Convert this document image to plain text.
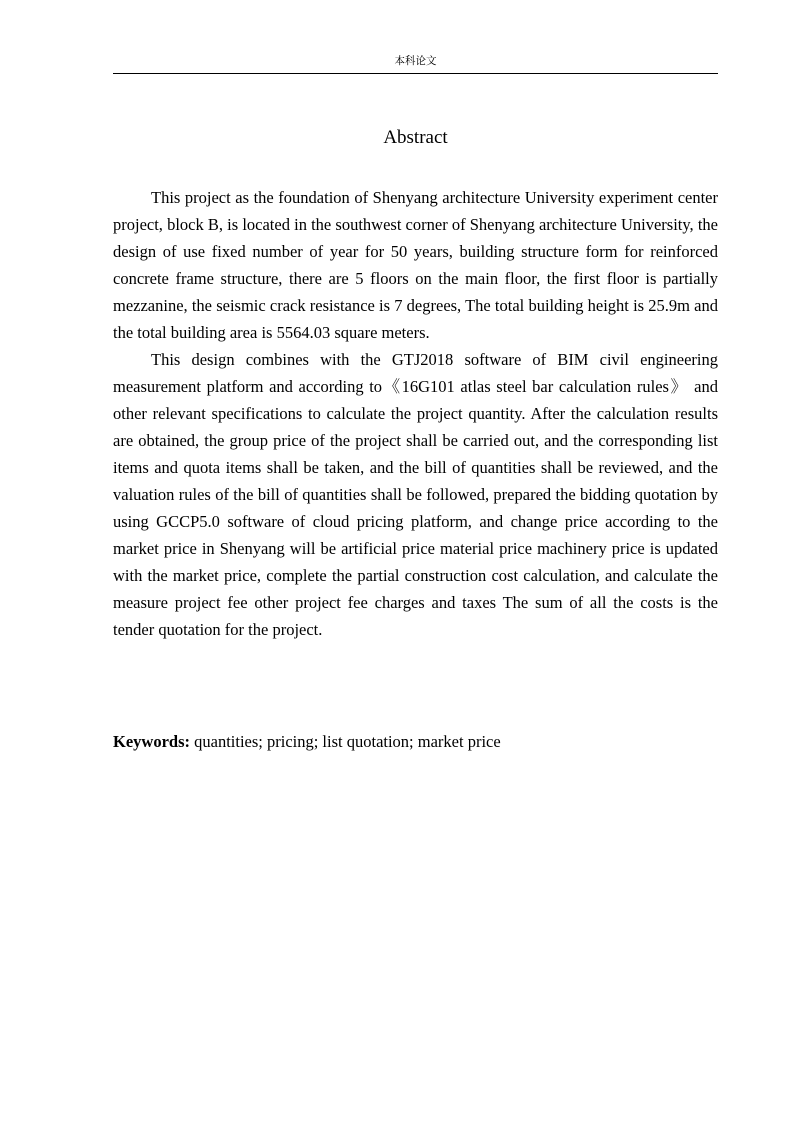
本科论文
Abstract

This project as the foundation of Shenyang architecture University experiment center project, block B, is located in the southwest corner of Shenyang architecture University, the design of use fixed number of year for 50 years, building structure form for reinforced concrete frame structure, there are 5 floors on the main floor, the first floor is partially mezzanine, the seismic crack resistance is 7 degrees, The total building height is 25.9m and the total building area is 5564.03 square meters.

This design combines with the GTJ2018 software of BIM civil engineering measurement platform and according to《16G101 atlas steel bar calculation rules》 and other relevant specifications to calculate the project quantity. After the calculation results are obtained, the group price of the project shall be carried out, and the corresponding list items and quota items shall be taken, and the bill of quantities shall be reviewed, and the valuation rules of the bill of quantities shall be followed, prepared the bidding quotation by using GCCP5.0 software of cloud pricing platform, and change price according to the market price in Shenyang will be artificial price material price machinery price is updated with the market price, complete the partial construction cost calculation, and calculate the measure project fee other project fee charges and taxes The sum of all the costs is the tender quotation for the project.

Keywords: quantities; pricing; list quotation; market price
